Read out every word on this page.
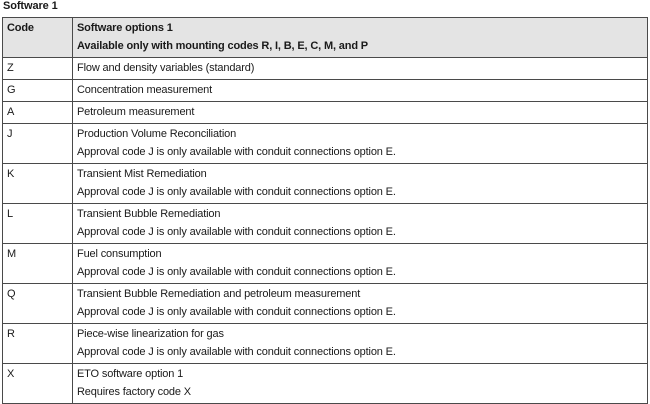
Software 1
Code	Software options 1
Available only with mounting codes R, I, B, E, C, M, and P

Z	Flow and density variables (standard)

G	Concentration measurement

A	Petroleum measurement

J	Production Volume Reconciliation
Approval code J is only available with conduit connections option E.

K	Transient Mist Remediation
Approval code J is only available with conduit connections option E.

L	Transient Bubble Remediation
Approval code J is only available with conduit connections option E.

M	Fuel consumption
Approval code J is only available with conduit connections option E.

Q	Transient Bubble Remediation and petroleum measurement
Approval code J is only available with conduit connections option E.

R	Piece-wise linearization for gas
Approval code J is only available with conduit connections option E.

X	ETO software option 1
Requires factory code X
